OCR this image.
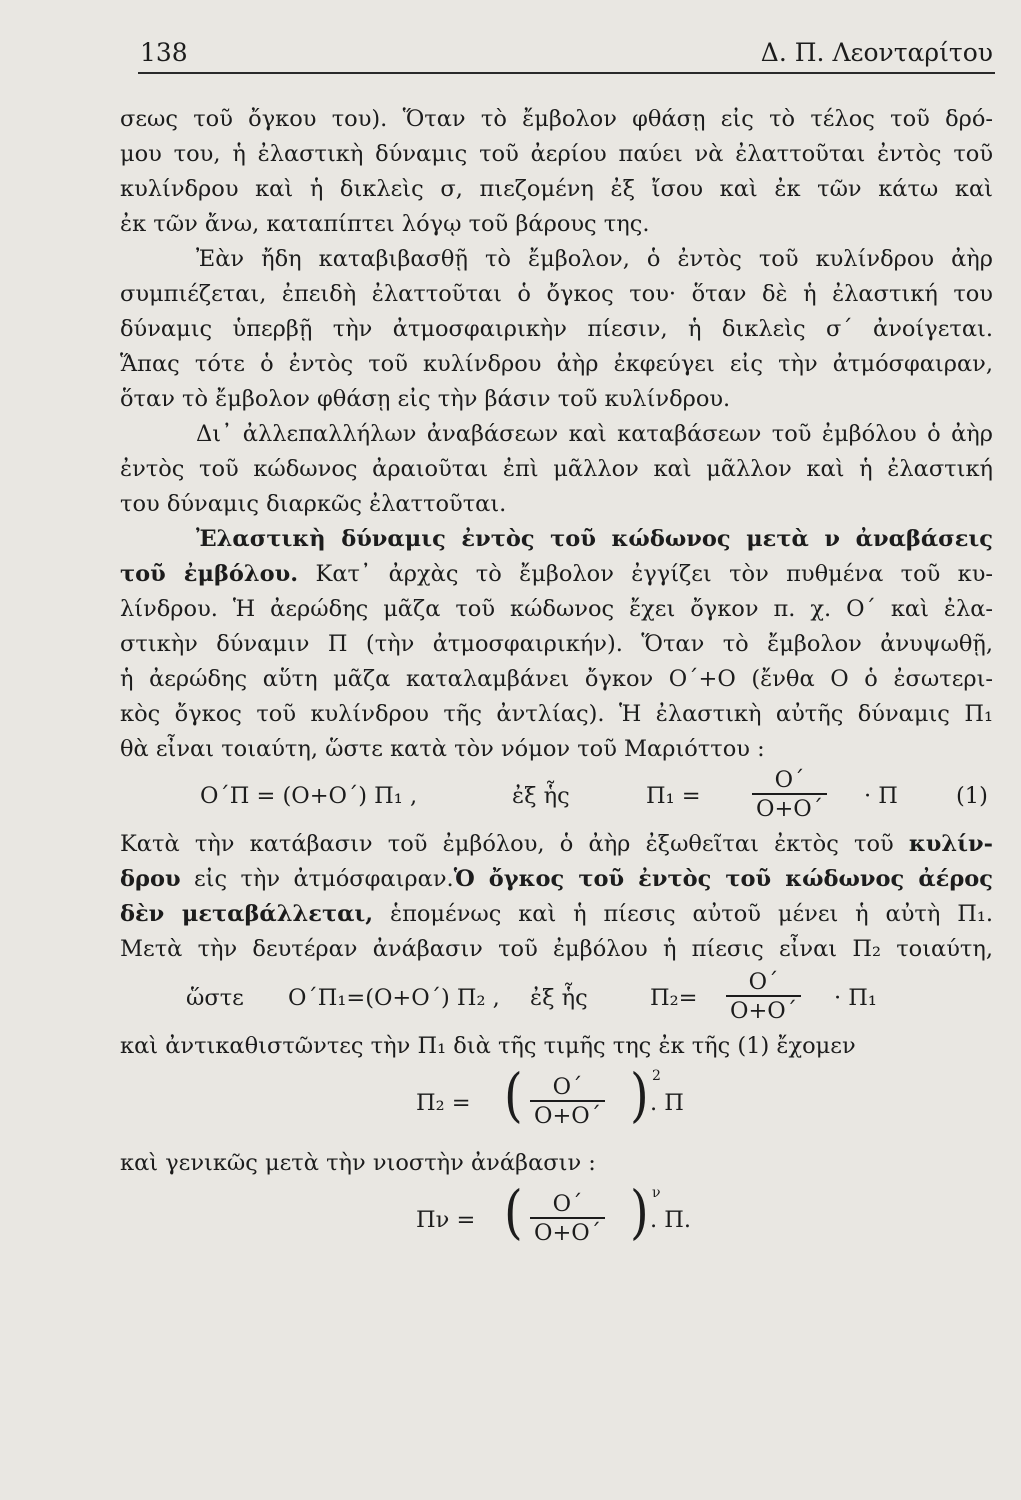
138	Δ. Π. Λεονταρίτου
σεως τοῦ ὄγκου του). Ὅταν τὸ ἔμβολον φθάσῃ εἰς τὸ τέλος τοῦ δρό-
μου του, ἡ ἐλαστικὴ δύναμις τοῦ ἀερίου παύει νὰ ἐλαττοῦται ἐντὸς τοῦ
κυλίνδρου καὶ ἡ δικλεὶς σ, πιεζομένη ἐξ ἴσου καὶ ἐκ τῶν κάτω καὶ
ἐκ τῶν ἄνω, καταπίπτει λόγῳ τοῦ βάρους της.
Ἐὰν ἤδη καταβιβασθῇ τὸ ἔμβολον, ὁ ἐντὸς τοῦ κυλίνδρου ἀὴρ
συμπιέζεται, ἐπειδὴ ἐλαττοῦται ὁ ὄγκος του· ὅταν δὲ ἡ ἐλαστική του
δύναμις ὑπερβῇ τὴν ἀτμοσφαιρικὴν πίεσιν, ἡ δικλεὶς σ΄ ἀνοίγεται.
Ἅπας τότε ὁ ἐντὸς τοῦ κυλίνδρου ἀὴρ ἐκφεύγει εἰς τὴν ἀτμόσφαιραν,
ὅταν τὸ ἔμβολον φθάσῃ εἰς τὴν βάσιν τοῦ κυλίνδρου.
Δι᾽ ἀλλεπαλλήλων ἀναβάσεων καὶ καταβάσεων τοῦ ἐμβόλου ὁ ἀὴρ
ἐντὸς τοῦ κώδωνος ἀραιοῦται ἐπὶ μᾶλλον καὶ μᾶλλον καὶ ἡ ἐλαστική
του δύναμις διαρκῶς ἐλαττοῦται.
Ἐλαστικὴ δύναμις ἐντὸς τοῦ κώδωνος μετὰ ν ἀναβάσεις
τοῦ ἐμβόλου. Κατ᾽ ἀρχὰς τὸ ἔμβολον ἐγγίζει τὸν πυθμένα τοῦ κυ-
λίνδρου. Ἡ ἀερώδης μᾶζα τοῦ κώδωνος ἔχει ὄγκον π. χ. Ο΄ καὶ ἐλα-
στικὴν δύναμιν Π (τὴν ἀτμοσφαιρικήν). Ὅταν τὸ ἔμβολον ἀνυψωθῇ,
ἡ ἀερώδης αὕτη μᾶζα καταλαμβάνει ὄγκον Ο΄+Ο (ἔνθα Ο ὁ ἐσωτερι-
κὸς ὄγκος τοῦ κυλίνδρου τῆς ἀντλίας). Ἡ ἐλαστικὴ αὐτῆς δύναμις Π₁
θὰ εἶναι τοιαύτη, ὥστε κατὰ τὸν νόμον τοῦ Μαριόττου :
Ο΄Π = (Ο+Ο΄) Π₁ ,	ἐξ ἧς	$\Pi_1 = \frac{O΄}{O+O΄} \cdot \Pi$	(1)
Κατὰ τὴν κατάβασιν τοῦ ἐμβόλου, ὁ ἀὴρ ἐξωθεῖται ἐκτὸς τοῦ κυλίν-
δρου εἰς τὴν ἀτμόσφαιραν.Ὁ ὄγκος τοῦ ἐντὸς τοῦ κώδωνος ἀέρος
δὲν μεταβάλλεται, ἑπομένως καὶ ἡ πίεσις αὐτοῦ μένει ἡ αὐτὴ Π₁.
Μετὰ τὴν δευτέραν ἀνάβασιν τοῦ ἐμβόλου ἡ πίεσις εἶναι Π₂ τοιαύτη,
ὥστε Ο΄Π₁=(Ο+Ο΄) Π₂ , ἐξ ἧς	$\Pi_2= \frac{O΄}{O+O΄} \cdot \Pi_1$
καὶ ἀντικαθιστῶντες τὴν Π₁ διὰ τῆς τιμῆς της ἐκ τῆς (1) ἔχομεν
Π₂ = ( $\frac{O΄}{O+O΄}$ ) 2
. Π
καὶ γενικῶς μετὰ τὴν νιοστὴν ἀνάβασιν :
Πν = ( $\frac{O΄}{O+O΄}$ ) ν
. Π.
